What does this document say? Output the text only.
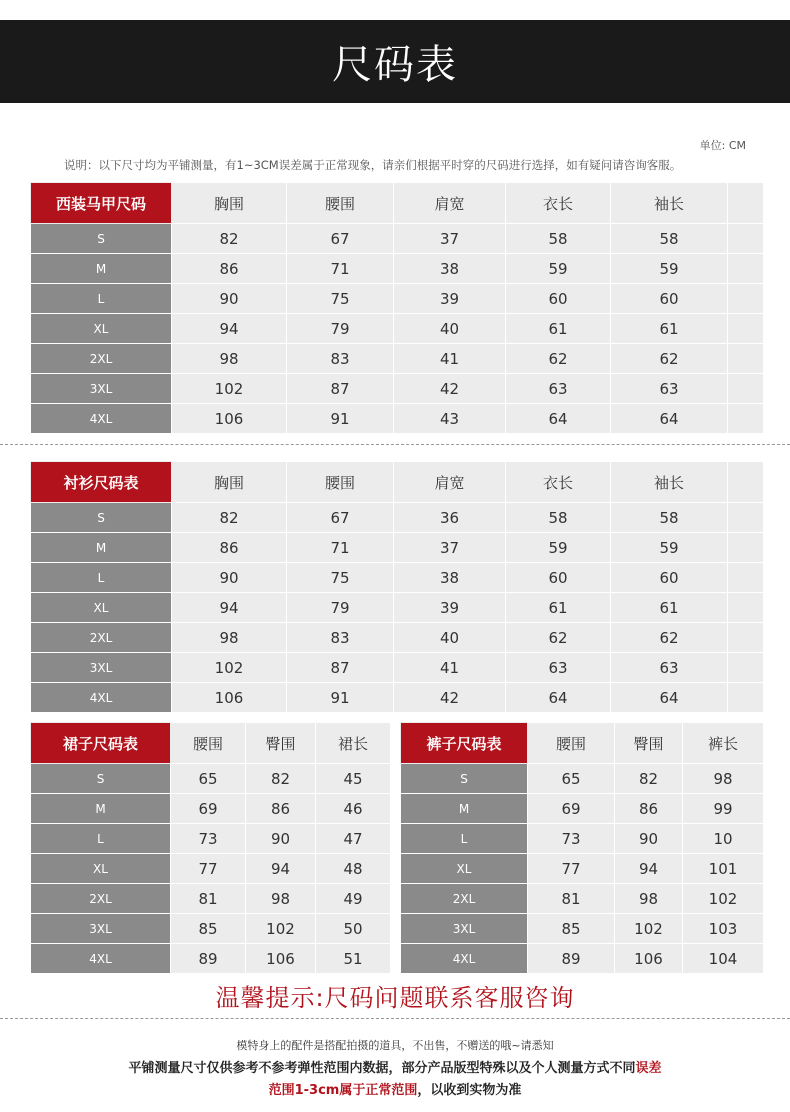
尺码表
单位: CM
说明：以下尺寸均为平铺测量，有1~3CM误差属于正常现象，请亲们根据平时穿的尺码进行选择，如有疑问请咨询客服。
西装马甲尺码	胸围	腰围	肩宽	衣长	袖长	
S	82	67	37	58	58	
M	86	71	38	59	59	
L	90	75	39	60	60	
XL	94	79	40	61	61	
2XL	98	83	41	62	62	
3XL	102	87	42	63	63	
4XL	106	91	43	64	64	
衬衫尺码表	胸围	腰围	肩宽	衣长	袖长	
S	82	67	36	58	58	
M	86	71	37	59	59	
L	90	75	38	60	60	
XL	94	79	39	61	61	
2XL	98	83	40	62	62	
3XL	102	87	41	63	63	
4XL	106	91	42	64	64	
裙子尺码表	腰围	臀围	裙长
S	65	82	45
M	69	86	46
L	73	90	47
XL	77	94	48
2XL	81	98	49
3XL	85	102	50
4XL	89	106	51
裤子尺码表	腰围	臀围	裤长
S	65	82	98
M	69	86	99
L	73	90	10
XL	77	94	101
2XL	81	98	102
3XL	85	102	103
4XL	89	106	104
温馨提示:尺码问题联系客服咨询
模特身上的配件是搭配拍摄的道具，不出售，不赠送的哦~请悉知
平铺测量尺寸仅供参考不参考弹性范围内数据，部分产品版型特殊以及个人测量方式不同误差
范围1-3cm属于正常范围，以收到实物为准
